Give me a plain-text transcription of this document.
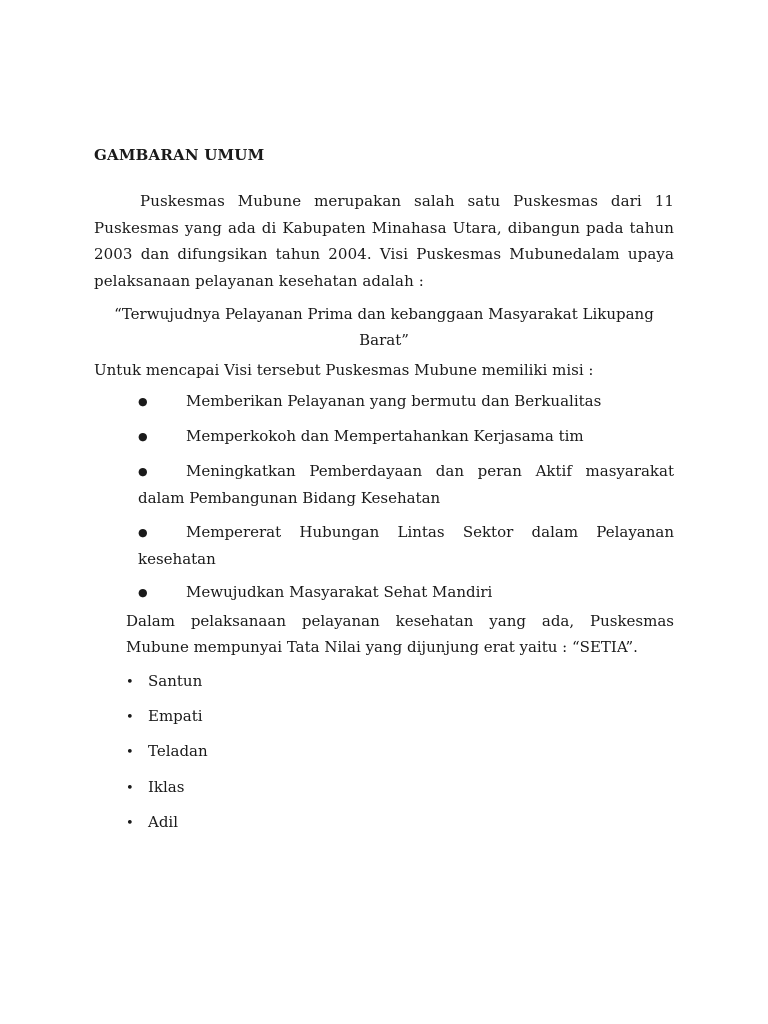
GAMBARAN UMUM
Puskesmas Mubune merupakan salah satu Puskesmas dari 11 Puskesmas yang ada di Kabupaten Minahasa Utara, dibangun pada tahun 2003 dan difungsikan tahun 2004. Visi Puskesmas Mubunedalam upaya pelaksanaan pelayanan kesehatan adalah :
“Terwujudnya Pelayanan Prima dan kebanggaan Masyarakat Likupang Barat”
Untuk mencapai Visi tersebut Puskesmas Mubune memiliki misi :
●	Memberikan Pelayanan yang bermutu dan Berkualitas
●	Memperkokoh dan Mempertahankan Kerjasama tim
●	Meningkatkan Pemberdayaan dan peran Aktif masyarakat dalam Pembangunan Bidang Kesehatan
●	Mempererat Hubungan Lintas Sektor dalam Pelayanan kesehatan
●	Mewujudkan Masyarakat Sehat Mandiri
Dalam pelaksanaan pelayanan kesehatan yang ada, Puskesmas Mubune mempunyai Tata Nilai yang dijunjung erat yaitu : “SETIA”.
• Santun
• Empati
• Teladan
• Iklas
• Adil
